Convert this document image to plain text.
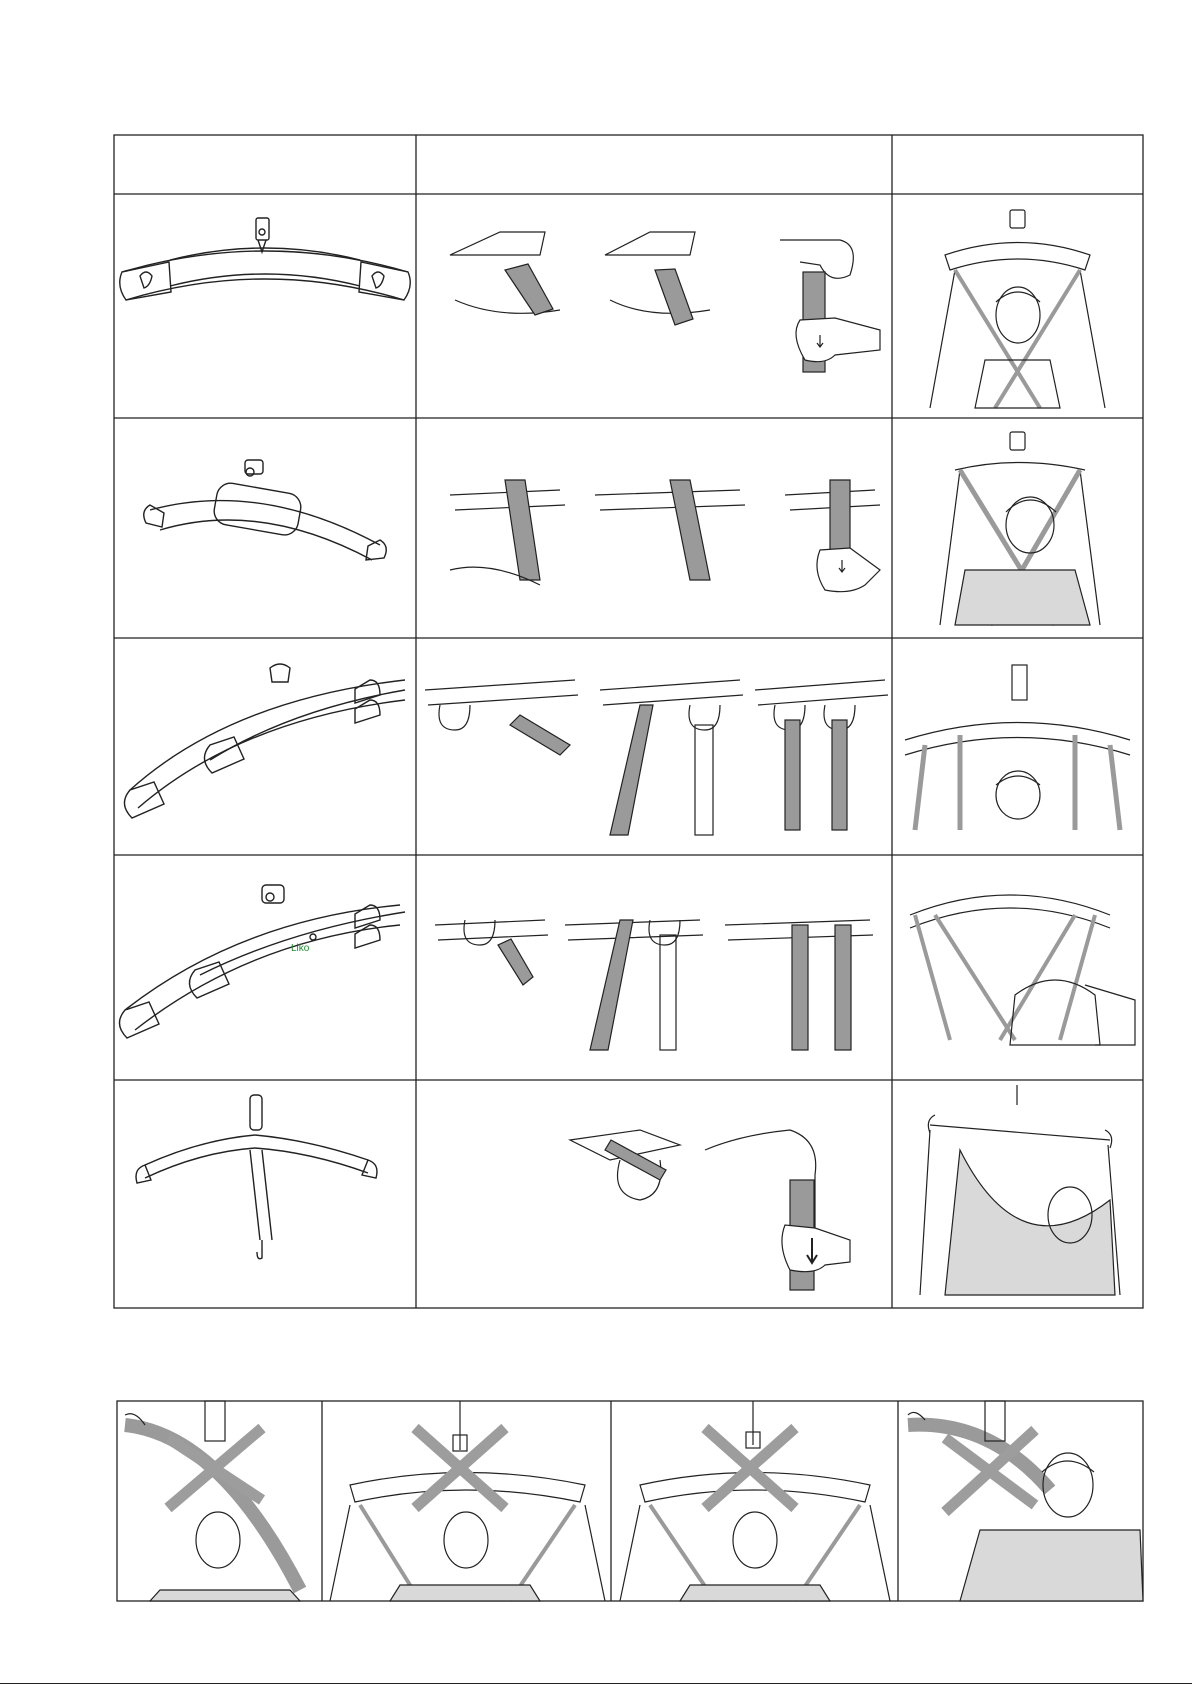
Liko
